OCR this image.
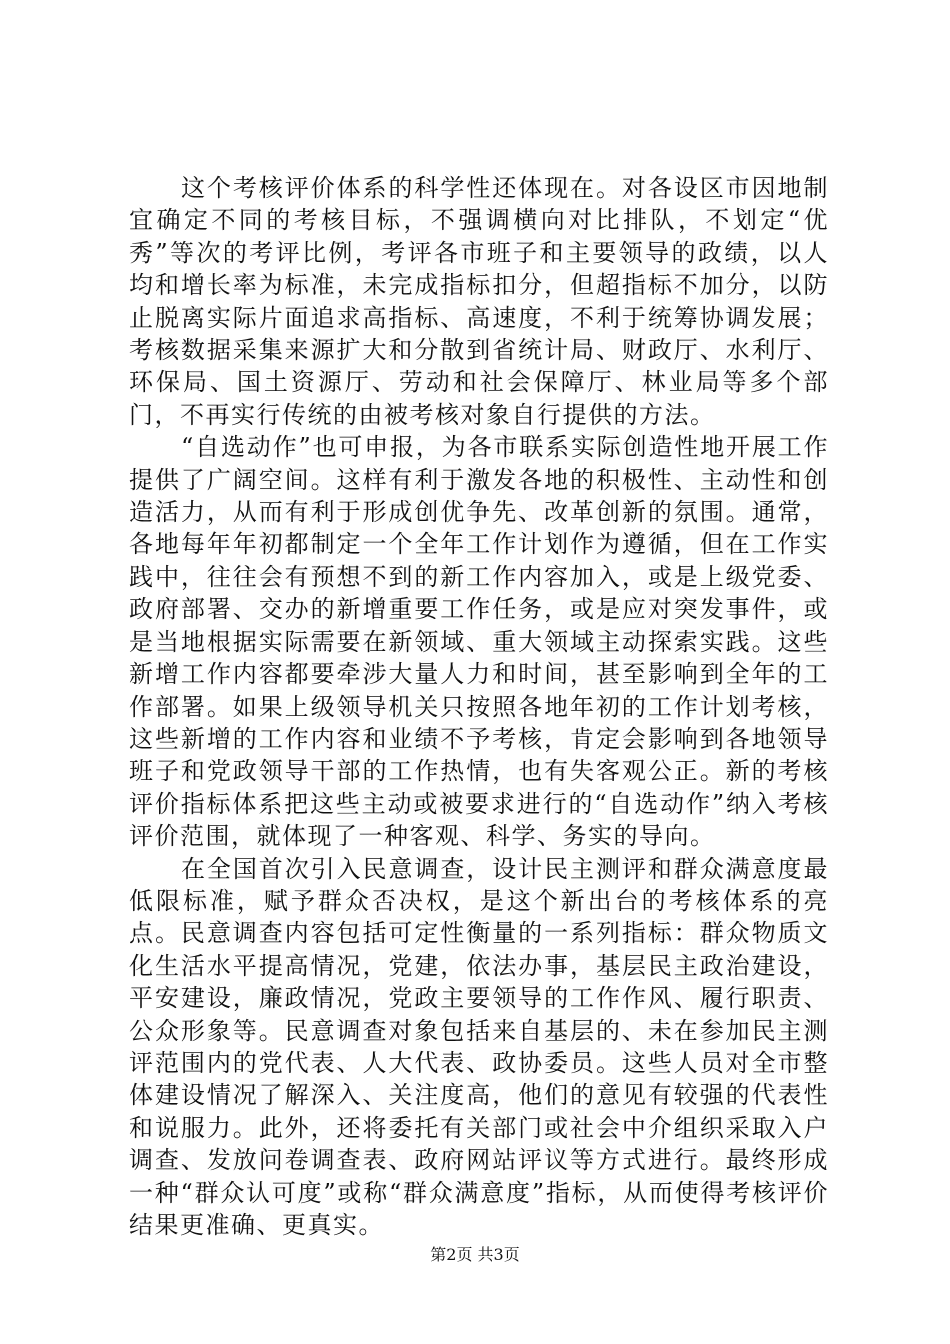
这个考核评价体系的科学性还体现在。对各设区市因地制宜确定不同的考核目标，不强调横向对比排队，不划定“优秀”等次的考评比例，考评各市班子和主要领导的政绩，以人均和增长率为标准，未完成指标扣分，但超指标不加分，以防止脱离实际片面追求高指标、高速度，不利于统筹协调发展；考核数据采集来源扩大和分散到省统计局、财政厅、水利厅、环保局、国土资源厅、劳动和社会保障厅、林业局等多个部门，不再实行传统的由被考核对象自行提供的方法。

“自选动作”也可申报，为各市联系实际创造性地开展工作提供了广阔空间。这样有利于激发各地的积极性、主动性和创造活力，从而有利于形成创优争先、改革创新的氛围。通常，各地每年年初都制定一个全年工作计划作为遵循，但在工作实践中，往往会有预想不到的新工作内容加入，或是上级党委、政府部署、交办的新增重要工作任务，或是应对突发事件，或是当地根据实际需要在新领域、重大领域主动探索实践。这些新增工作内容都要牵涉大量人力和时间，甚至影响到全年的工作部署。如果上级领导机关只按照各地年初的工作计划考核，这些新增的工作内容和业绩不予考核，肯定会影响到各地领导班子和党政领导干部的工作热情，也有失客观公正。新的考核评价指标体系把这些主动或被要求进行的“自选动作”纳入考核评价范围，就体现了一种客观、科学、务实的导向。

在全国首次引入民意调查，设计民主测评和群众满意度最低限标准，赋予群众否决权，是这个新出台的考核体系的亮点。民意调查内容包括可定性衡量的一系列指标：群众物质文化生活水平提高情况，党建，依法办事，基层民主政治建设，平安建设，廉政情况，党政主要领导的工作作风、履行职责、公众形象等。民意调查对象包括来自基层的、未在参加民主测评范围内的党代表、人大代表、政协委员。这些人员对全市整体建设情况了解深入、关注度高，他们的意见有较强的代表性和说服力。此外，还将委托有关部门或社会中介组织采取入户调查、发放问卷调查表、政府网站评议等方式进行。最终形成一种“群众认可度”或称“群众满意度”指标，从而使得考核评价结果更准确、更真实。

第2页 共3页
